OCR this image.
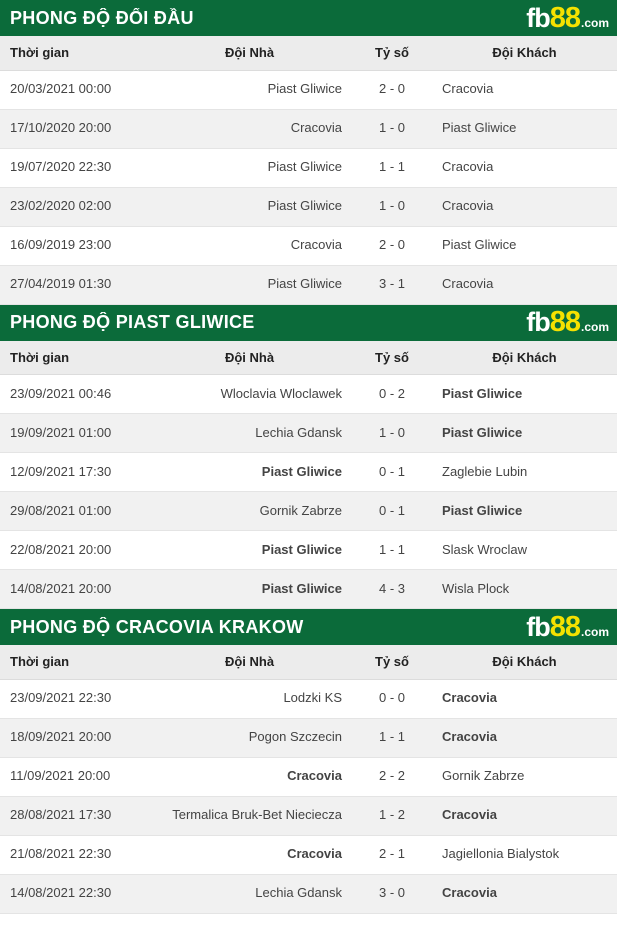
PHONG ĐỘ ĐỐI ĐẦU	fb 88 .com
Thời gian	Đội Nhà	Tỷ số	Đội Khách
20/03/2021 00:00	Piast Gliwice	2 - 0	Cracovia
17/10/2020 20:00	Cracovia	1 - 0	Piast Gliwice
19/07/2020 22:30	Piast Gliwice	1 - 1	Cracovia
23/02/2020 02:00	Piast Gliwice	1 - 0	Cracovia
16/09/2019 23:00	Cracovia	2 - 0	Piast Gliwice
27/04/2019 01:30	Piast Gliwice	3 - 1	Cracovia
PHONG ĐỘ PIAST GLIWICE	fb 88 .com
Thời gian	Đội Nhà	Tỷ số	Đội Khách
23/09/2021 00:46	Wloclavia Wloclawek	0 - 2	Piast Gliwice
19/09/2021 01:00	Lechia Gdansk	1 - 0	Piast Gliwice
12/09/2021 17:30	Piast Gliwice	0 - 1	Zaglebie Lubin
29/08/2021 01:00	Gornik Zabrze	0 - 1	Piast Gliwice
22/08/2021 20:00	Piast Gliwice	1 - 1	Slask Wroclaw
14/08/2021 20:00	Piast Gliwice	4 - 3	Wisla Plock
PHONG ĐỘ CRACOVIA KRAKOW	fb 88 .com
Thời gian	Đội Nhà	Tỷ số	Đội Khách
23/09/2021 22:30	Lodzki KS	0 - 0	Cracovia
18/09/2021 20:00	Pogon Szczecin	1 - 1	Cracovia
11/09/2021 20:00	Cracovia	2 - 2	Gornik Zabrze
28/08/2021 17:30	Termalica Bruk-Bet Nieciecza	1 - 2	Cracovia
21/08/2021 22:30	Cracovia	2 - 1	Jagiellonia Bialystok
14/08/2021 22:30	Lechia Gdansk	3 - 0	Cracovia
